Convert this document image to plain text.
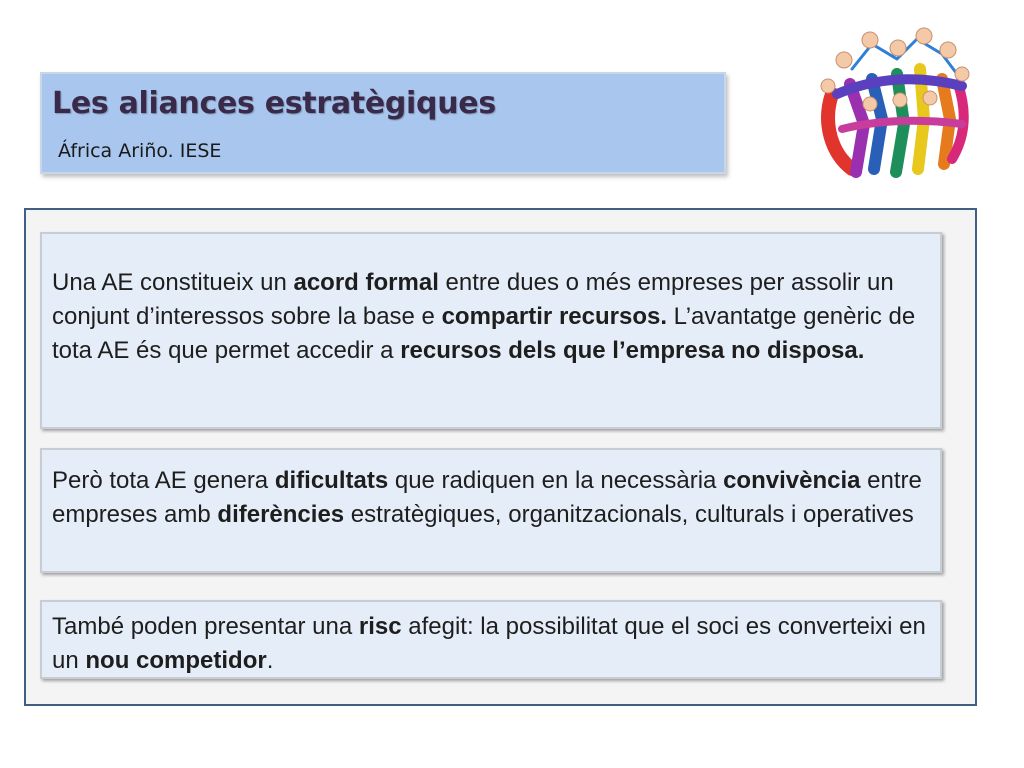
Les aliances estratègiques
África Ariño. IESE
Una AE constitueix un acord formal entre dues o més empreses per assolir un conjunt d’interessos sobre la base e compartir recursos. L’avantatge genèric de tota AE és que permet accedir a recursos dels que l’empresa no disposa.
Però tota AE genera dificultats que radiquen en la necessària convivència entre empreses amb diferències estratègiques, organitzacionals, culturals i operatives
També poden presentar una risc afegit: la possibilitat que el soci es converteixi en un nou competidor.
